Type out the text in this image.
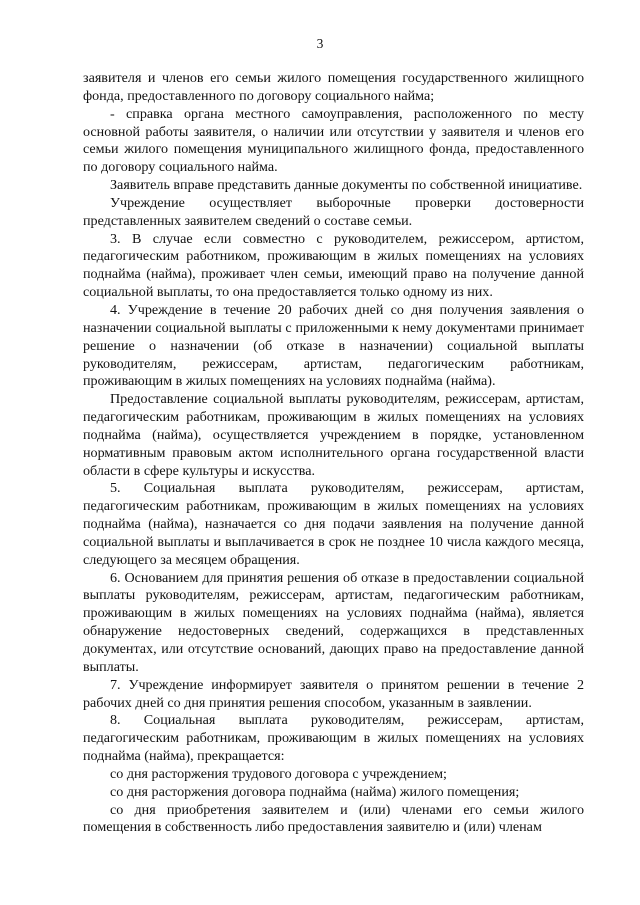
3

заявителя и членов его семьи жилого помещения государственного жилищного фонда, предоставленного по договору социального найма;

- справка органа местного самоуправления, расположенного по месту основной работы заявителя, о наличии или отсутствии у заявителя и членов его семьи жилого помещения муниципального жилищного фонда, предоставленного по договору социального найма.

Заявитель вправе представить данные документы по собственной инициативе.

Учреждение осуществляет выборочные проверки достоверности представленных заявителем сведений о составе семьи.

3. В случае если совместно с руководителем, режиссером, артистом, педагогическим работником, проживающим в жилых помещениях на условиях поднайма (найма), проживает член семьи, имеющий право на получение данной социальной выплаты, то она предоставляется только одному из них.

4. Учреждение в течение 20 рабочих дней со дня получения заявления о назначении социальной выплаты с приложенными к нему документами принимает решение о назначении (об отказе в назначении) социальной выплаты руководителям, режиссерам, артистам, педагогическим работникам, проживающим в жилых помещениях на условиях поднайма (найма).

Предоставление социальной выплаты руководителям, режиссерам, артистам, педагогическим работникам, проживающим в жилых помещениях на условиях поднайма (найма), осуществляется учреждением в порядке, установленном нормативным правовым актом исполнительного органа государственной власти области в сфере культуры и искусства.

5. Социальная выплата руководителям, режиссерам, артистам, педагогическим работникам, проживающим в жилых помещениях на условиях поднайма (найма), назначается со дня подачи заявления на получение данной социальной выплаты и выплачивается в срок не позднее 10 числа каждого месяца, следующего за месяцем обращения.

6. Основанием для принятия решения об отказе в предоставлении социальной выплаты руководителям, режиссерам, артистам, педагогическим работникам, проживающим в жилых помещениях на условиях поднайма (найма), является обнаружение недостоверных сведений, содержащихся в представленных документах, или отсутствие оснований, дающих право на предоставление данной выплаты.

7. Учреждение информирует заявителя о принятом решении в течение 2 рабочих дней со дня принятия решения способом, указанным в заявлении.

8. Социальная выплата руководителям, режиссерам, артистам, педагогическим работникам, проживающим в жилых помещениях на условиях поднайма (найма), прекращается:

со дня расторжения трудового договора с учреждением;

со дня расторжения договора поднайма (найма) жилого помещения;

со дня приобретения заявителем и (или) членами его семьи жилого помещения в собственность либо предоставления заявителю и (или) членам
